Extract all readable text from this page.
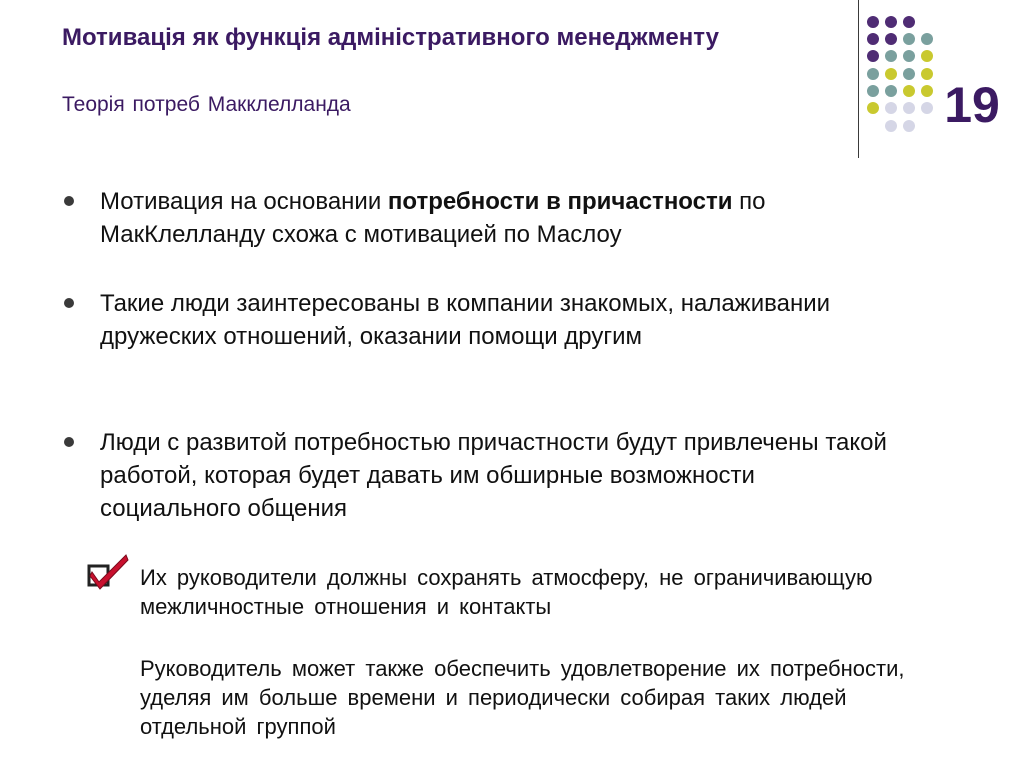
Мотивація як функція адміністративного менеджменту
Теорія потреб Макклелланда	19
Мотивация на основании потребности в причастности по МакКлелланду схожа с мотивацией по Маслоу
Такие люди заинтересованы в компании знакомых, налаживании дружеских отношений, оказании помощи другим
Люди с развитой потребностью причастности будут привлечены такой работой, которая будет давать им обширные возможности социального общения
Их руководители должны сохранять атмосферу, не ограничивающую межличностные отношения и контакты
Руководитель может также обеспечить удовлетворение их потребности, уделяя им больше времени и периодически собирая таких людей отдельной группой
